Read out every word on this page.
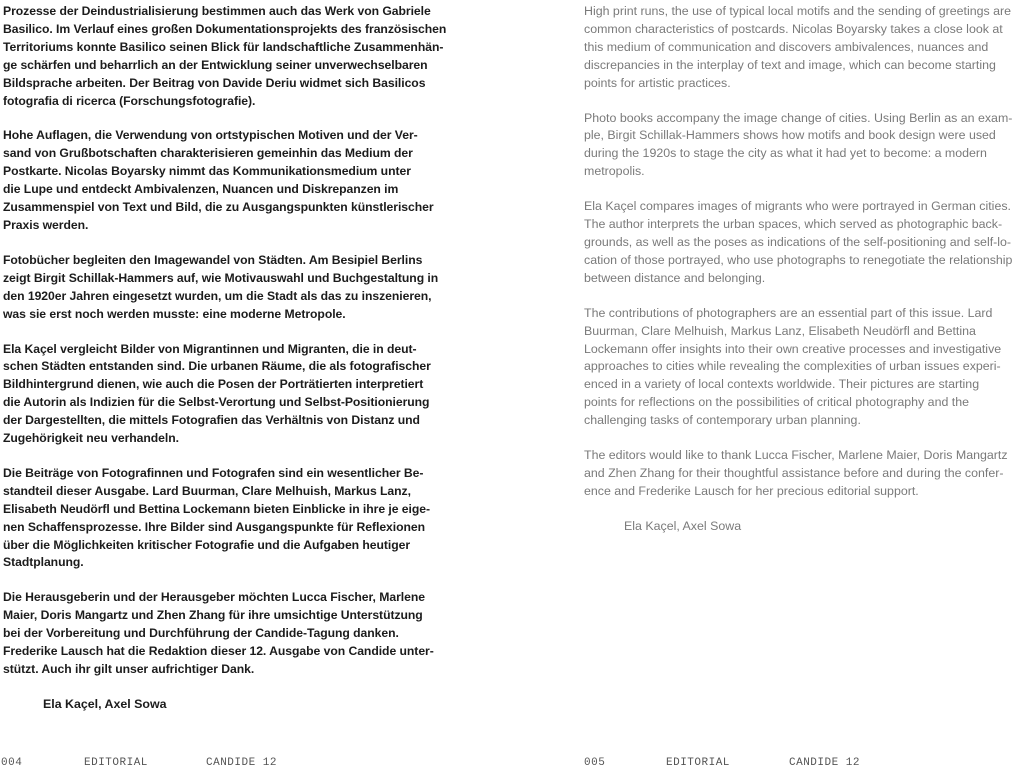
Prozesse der Deindustrialisierung bestimmen auch das Werk von Gabriele
Basilico. Im Verlauf eines großen Dokumentationsprojekts des französischen
Territoriums konnte Basilico seinen Blick für landschaftliche Zusammenhän-
ge schärfen und beharrlich an der Entwicklung seiner unverwechselbaren
Bildsprache arbeiten. Der Beitrag von Davide Deriu widmet sich Basilicos
fotografia di ricerca (Forschungsfotografie).

Hohe Auflagen, die Verwendung von ortstypischen Motiven und der Ver-
sand von Grußbotschaften charakterisieren gemeinhin das Medium der
Postkarte. Nicolas Boyarsky nimmt das Kommunikationsmedium unter
die Lupe und entdeckt Ambivalenzen, Nuancen und Diskrepanzen im
Zusammenspiel von Text und Bild, die zu Ausgangspunkten künstlerischer
Praxis werden.

Fotobücher begleiten den Imagewandel von Städten. Am Besipiel Berlins
zeigt Birgit Schillak-Hammers auf, wie Motivauswahl und Buchgestaltung in
den 1920er Jahren eingesetzt wurden, um die Stadt als das zu inszenieren,
was sie erst noch werden musste: eine moderne Metropole.

Ela Kaçel vergleicht Bilder von Migrantinnen und Migranten, die in deut-
schen Städten entstanden sind. Die urbanen Räume, die als fotografischer
Bildhintergrund dienen, wie auch die Posen der Porträtierten interpretiert
die Autorin als Indizien für die Selbst-Verortung und Selbst-Positionierung
der Dargestellten, die mittels Fotografien das Verhältnis von Distanz und
Zugehörigkeit neu verhandeln.

Die Beiträge von Fotografinnen und Fotografen sind ein wesentlicher Be-
standteil dieser Ausgabe. Lard Buurman, Clare Melhuish, Markus Lanz,
Elisabeth Neudörfl und Bettina Lockemann bieten Einblicke in ihre je eige-
nen Schaffensprozesse. Ihre Bilder sind Ausgangspunkte für Reflexionen
über die Möglichkeiten kritischer Fotografie und die Aufgaben heutiger
Stadtplanung.

Die Herausgeberin und der Herausgeber möchten Lucca Fischer, Marlene
Maier, Doris Mangartz und Zhen Zhang für ihre umsichtige Unterstützung
bei der Vorbereitung und Durchführung der Candide-Tagung danken.
Frederike Lausch hat die Redaktion dieser 12. Ausgabe von Candide unter-
stützt. Auch ihr gilt unser aufrichtiger Dank.

Ela Kaçel, Axel Sowa
004	EDITORIAL	CANDIDE 12

High print runs, the use of typical local motifs and the sending of greetings are
common characteristics of postcards. Nicolas Boyarsky takes a close look at
this medium of communication and discovers ambivalences, nuances and
discrepancies in the interplay of text and image, which can become starting
points for artistic practices.

Photo books accompany the image change of cities. Using Berlin as an exam-
ple, Birgit Schillak-Hammers shows how motifs and book design were used
during the 1920s to stage the city as what it had yet to become: a modern
metropolis.

Ela Kaçel compares images of migrants who were portrayed in German cities.
The author interprets the urban spaces, which served as photographic back-
grounds, as well as the poses as indications of the self-positioning and self-lo-
cation of those portrayed, who use photographs to renegotiate the relationship
between distance and belonging.

The contributions of photographers are an essential part of this issue. Lard
Buurman, Clare Melhuish, Markus Lanz, Elisabeth Neudörfl and Bettina
Lockemann offer insights into their own creative processes and investigative
approaches to cities while revealing the complexities of urban issues experi-
enced in a variety of local contexts worldwide. Their pictures are starting
points for reflections on the possibilities of critical photography and the
challenging tasks of contemporary urban planning.

The editors would like to thank Lucca Fischer, Marlene Maier, Doris Mangartz
and Zhen Zhang for their thoughtful assistance before and during the confer-
ence and Frederike Lausch for her precious editorial support.

Ela Kaçel, Axel Sowa
005	EDITORIAL	CANDIDE 12
